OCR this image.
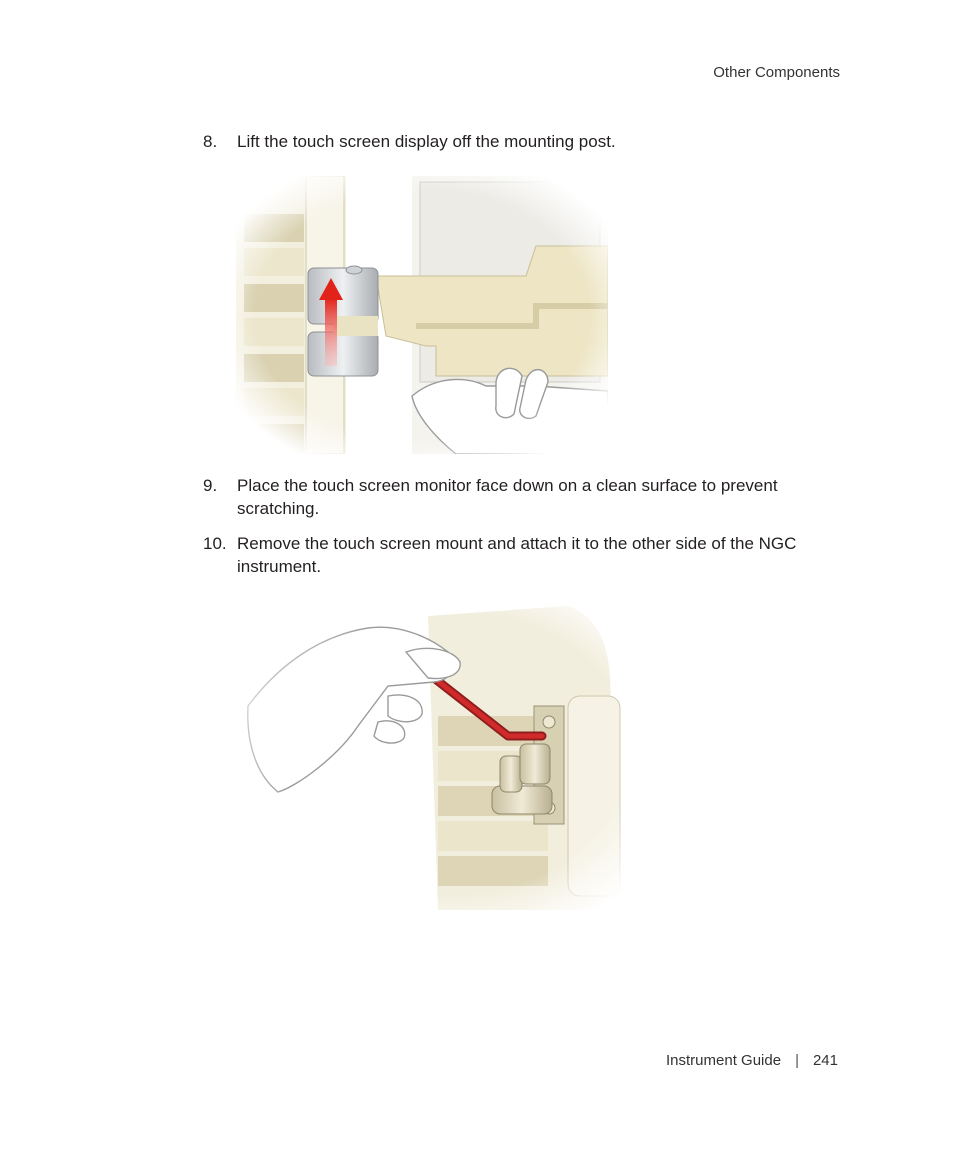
Other Components
8. Lift the touch screen display off the mounting post.
9. Place the touch screen monitor face down on a clean surface to prevent scratching.
10. Remove the touch screen mount and attach it to the other side of the NGC instrument.
Instrument Guide | 241
